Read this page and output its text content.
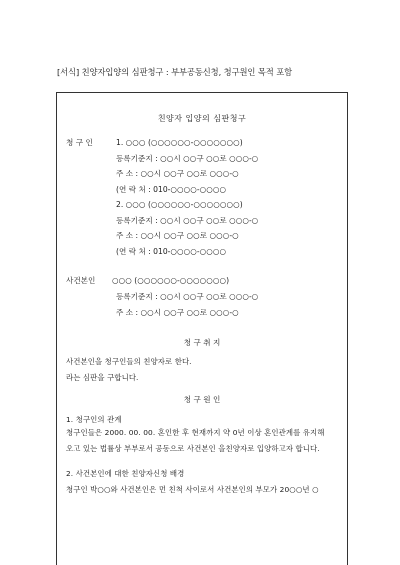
[서식] 친양자입양의 심판청구 : 부부공동신청, 청구원인 목적 포함
친양자 입양의 심판청구
청 구 인	1. ○○○ (○○○○○○-○○○○○○○)
등록기준지 : ○○시 ○○구 ○○로 ○○○-○
주 소 : ○○시 ○○구 ○○로 ○○○-○
(연 락 처 : 010-○○○○-○○○○
2. ○○○ (○○○○○○-○○○○○○○)
등록기준지 : ○○시 ○○구 ○○로 ○○○-○
주 소 : ○○시 ○○구 ○○로 ○○○-○
(연 락 처 : 010-○○○○-○○○○
사건본인 ○○○ (○○○○○○-○○○○○○○)
등록기준지 : ○○시 ○○구 ○○로 ○○○-○
주 소 : ○○시 ○○구 ○○로 ○○○-○
청 구 취 지
사건본인을 청구인들의 친양자로 한다.
라는 심판을 구합니다.
청 구 원 인
1. 청구인의 관계
청구인들은 2000. 00. 00. 혼인한 후 현재까지 약 0년 이상 혼인관계를 유지해
오고 있는 법률상 부부로서 공동으로 사건본인 을친양자로 입양하고자 합니다.
2. 사건본인에 대한 친양자신청 배경
청구인 박○○와 사건본인은 먼 친척 사이로서 사건본인의 부모가 20○○년 ○
